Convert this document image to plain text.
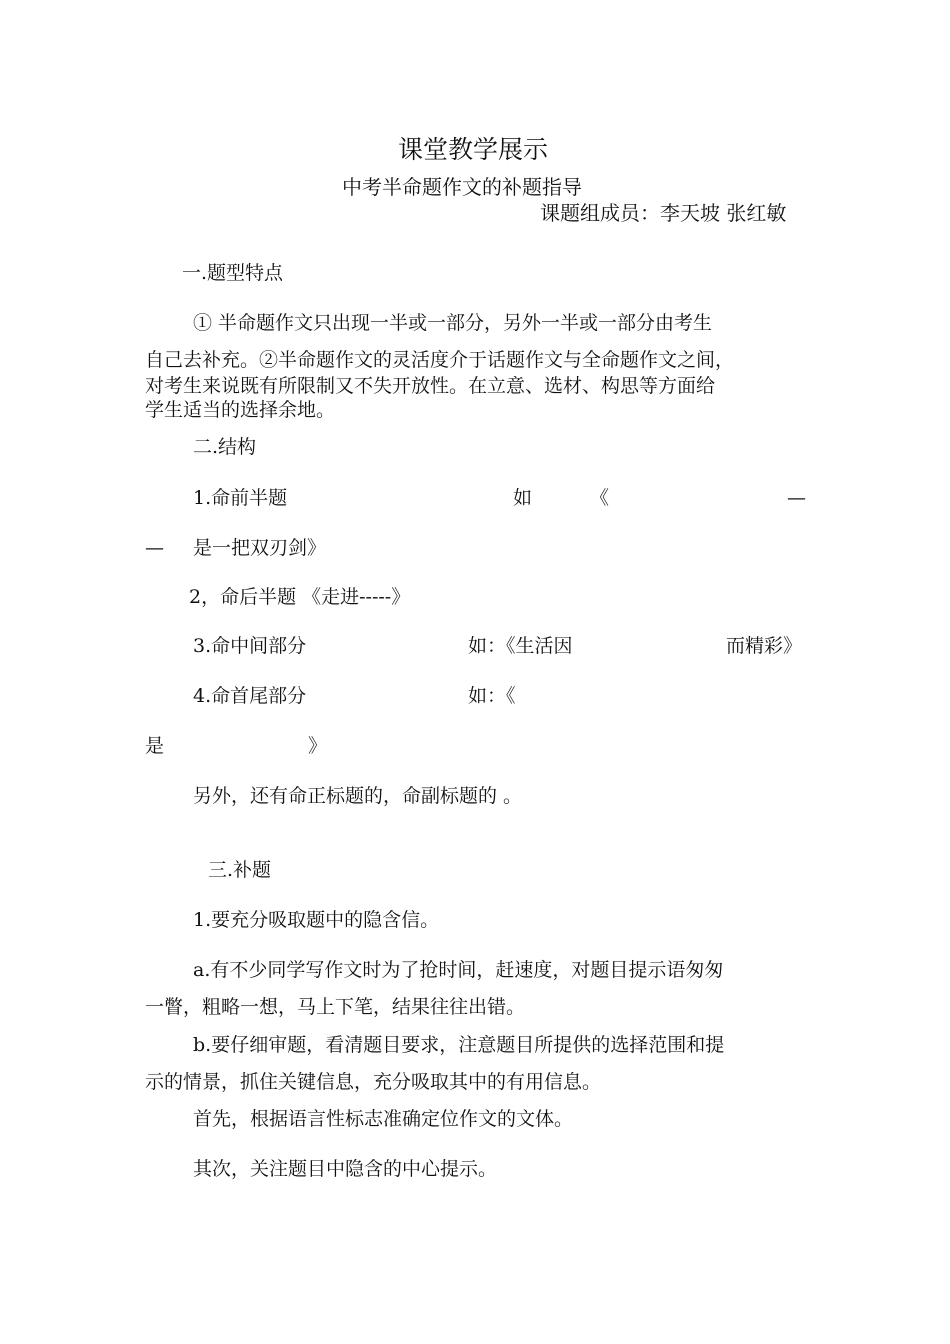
课堂教学展示
中考半命题作文的补题指导
课题组成员：李天坡 张红敏
一.题型特点
① 半命题作文只出现一半或一部分，另外一半或一部分由考生
自己去补充。②半命题作文的灵活度介于话题作文与全命题作文之间，
对考生来说既有所限制又不失开放性。在立意、选材、构思等方面给
学生适当的选择余地。
二.结构
1.命前半题	如	《	—
— 是一把双刃剑》
2，命后半题 《走进-----》
3.命中间部分	如：《生活因	而精彩》
4.命首尾部分	如：《
是	》
另外，还有命正标题的，命副标题的 。
三.补题
1.要充分吸取题中的隐含信。
a.有不少同学写作文时为了抢时间，赶速度，对题目提示语匆匆
一瞥，粗略一想，马上下笔，结果往往出错。
b.要仔细审题，看清题目要求，注意题目所提供的选择范围和提
示的情景，抓住关键信息，充分吸取其中的有用信息。
首先，根据语言性标志准确定位作文的文体。
其次，关注题目中隐含的中心提示。
